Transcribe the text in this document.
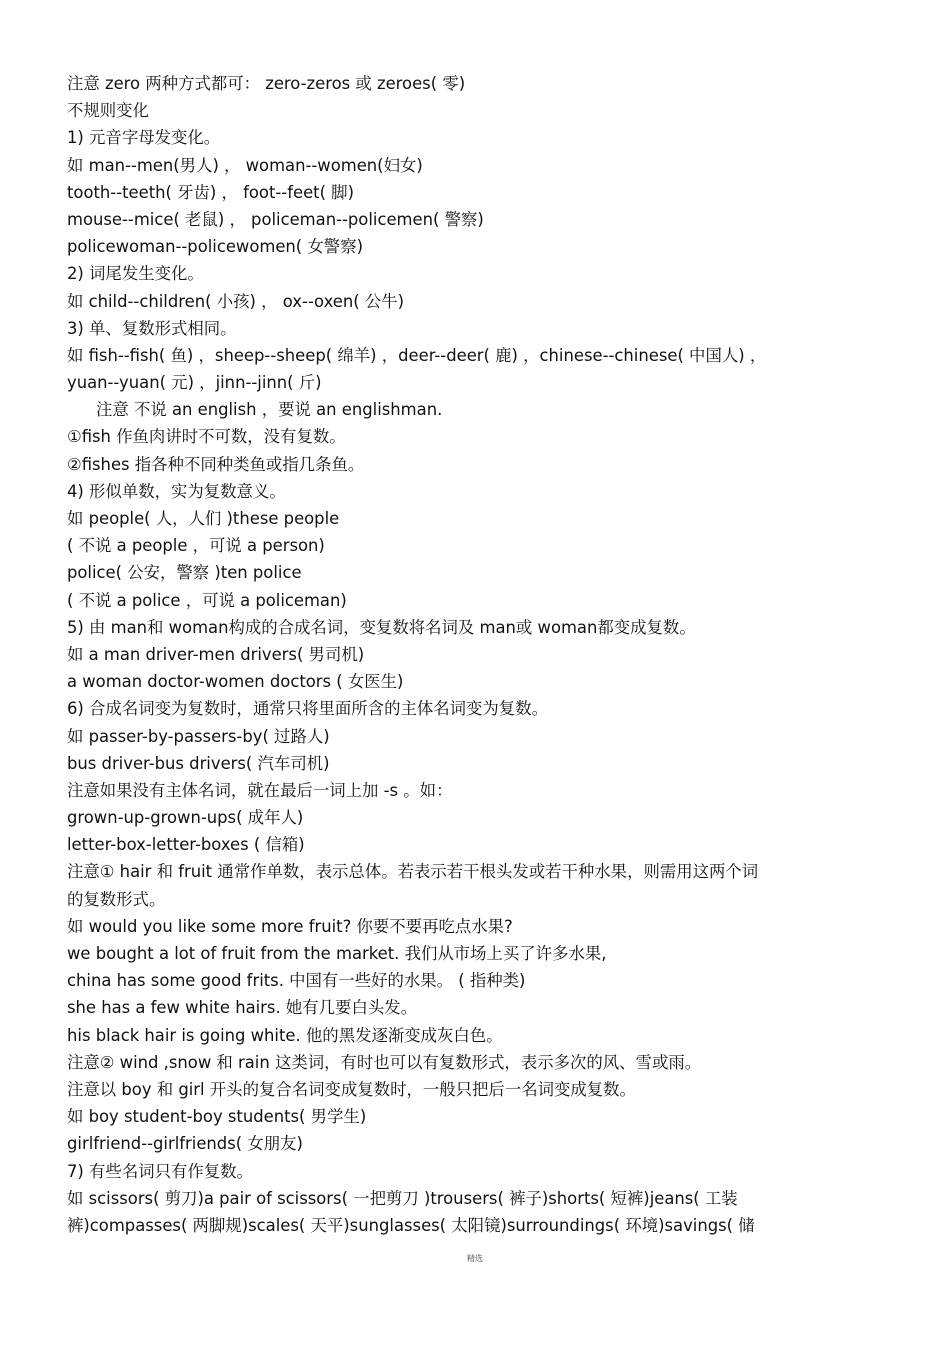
注意 zero 两种方式都可： zero-zeros 或 zeroes( 零)
不规则变化
1) 元音字母发变化。
如 man--men(男人) ， woman--women(妇女)
tooth--teeth( 牙齿) ， foot--feet( 脚)
mouse--mice( 老鼠) ， policeman--policemen( 警察)
policewoman--policewomen( 女警察)
2) 词尾发生变化。
如 child--children( 小孩) ， ox--oxen( 公牛)
3) 单、复数形式相同。
如 fish--fish( 鱼) ，sheep--sheep( 绵羊) ，deer--deer( 鹿) ，chinese--chinese( 中国人) ，
yuan--yuan( 元) ，jinn--jinn( 斤)
注意 不说 an english ，要说 an englishman.
①fish 作鱼肉讲时不可数，没有复数。
②fishes 指各种不同种类鱼或指几条鱼。
4) 形似单数，实为复数意义。
如 people( 人，人们 )these people
( 不说 a people ，可说 a person)
police( 公安，警察 )ten police
( 不说 a police ，可说 a policeman)
5) 由 man和 woman构成的合成名词，变复数将名词及 man或 woman都变成复数。
如 a man driver-men drivers( 男司机)
a woman doctor-women doctors ( 女医生)
6) 合成名词变为复数时，通常只将里面所含的主体名词变为复数。
如 passer-by-passers-by( 过路人)
bus driver-bus drivers( 汽车司机)
注意如果没有主体名词，就在最后一词上加 -s 。如：
grown-up-grown-ups( 成年人)
letter-box-letter-boxes ( 信箱)
注意① hair 和 fruit 通常作单数，表示总体。若表示若干根头发或若干种水果，则需用这两个词
的复数形式。
如 would you like some more fruit? 你要不要再吃点水果?
we bought a lot of fruit from the market. 我们从市场上买了许多水果,
china has some good frits. 中国有一些好的水果。 ( 指种类)
she has a few white hairs. 她有几要白头发。
his black hair is going white. 他的黑发逐渐变成灰白色。
注意② wind ,snow 和 rain 这类词，有时也可以有复数形式，表示多次的风、雪或雨。
注意以 boy 和 girl 开头的复合名词变成复数时，一般只把后一名词变成复数。
如 boy student-boy students( 男学生)
girlfriend--girlfriends( 女朋友)
7) 有些名词只有作复数。
如 scissors( 剪刀)a pair of scissors( 一把剪刀 )trousers( 裤子)shorts( 短裤)jeans( 工装
裤)compasses( 两脚规)scales( 天平)sunglasses( 太阳镜)surroundings( 环境)savings( 储
精选
